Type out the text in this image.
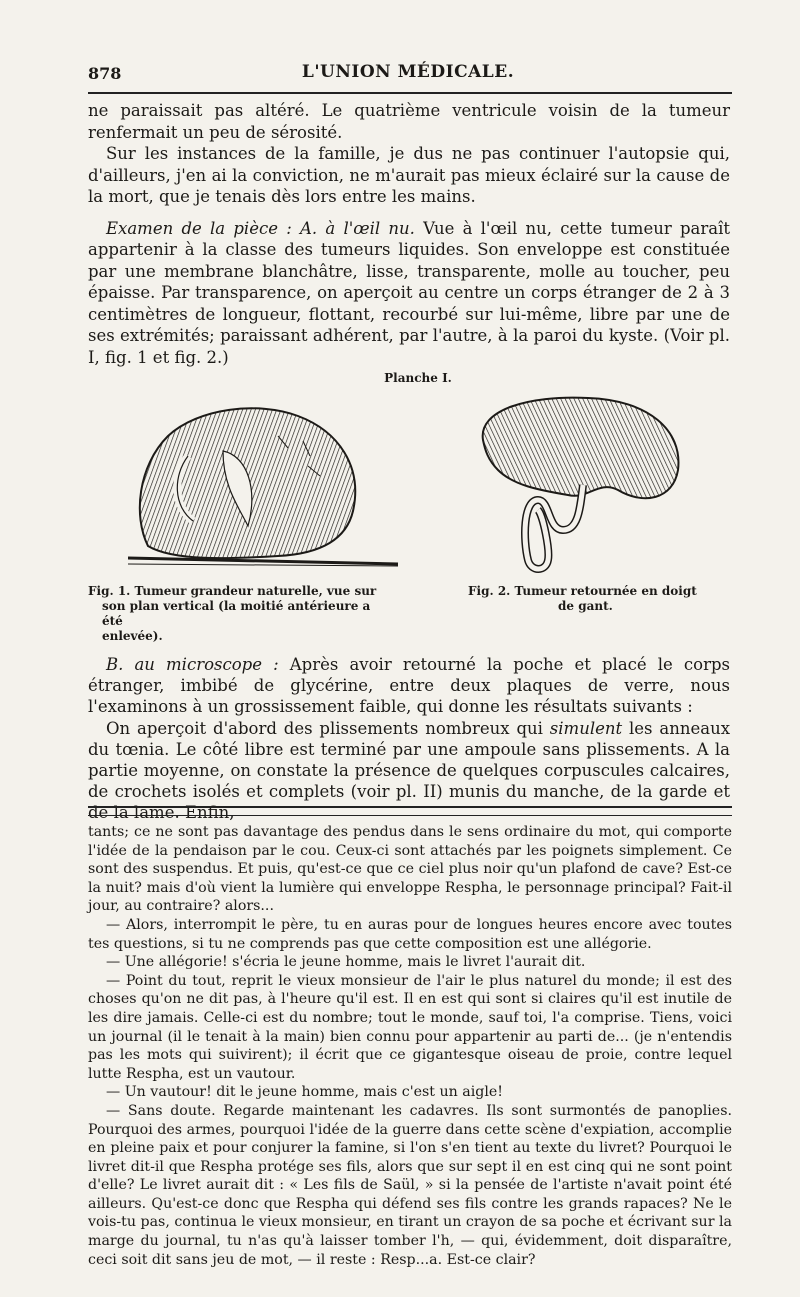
878	L'UNION MÉDICALE.

ne paraissait pas altéré. Le quatrième ventricule voisin de la tumeur renfermait un peu de sérosité.

Sur les instances de la famille, je dus ne pas continuer l'autopsie qui, d'ailleurs, j'en ai la conviction, ne m'aurait pas mieux éclairé sur la cause de la mort, que je tenais dès lors entre les mains.

Examen de la pièce : A. à l'œil nu. Vue à l'œil nu, cette tumeur paraît appartenir à la classe des tumeurs liquides. Son enveloppe est constituée par une membrane blanchâtre, lisse, transparente, molle au toucher, peu épaisse. Par transparence, on aperçoit au centre un corps étranger de 2 à 3 centimètres de longueur, flottant, recourbé sur lui-même, libre par une de ses extrémités; paraissant adhérent, par l'autre, à la paroi du kyste. (Voir pl. I, fig. 1 et fig. 2.)

Planche I.

Fig. 1. Tumeur grandeur naturelle, vue sur
son plan vertical (la moitié antérieure a été
enlevée).
Fig. 2. Tumeur retournée en doigt
de gant.

B. au microscope : Après avoir retourné la poche et placé le corps étranger, imbibé de glycérine, entre deux plaques de verre, nous l'examinons à un grossissement faible, qui donne les résultats suivants :

On aperçoit d'abord des plissements nombreux qui simulent les anneaux du tœnia. Le côté libre est terminé par une ampoule sans plissements. A la partie moyenne, on constate la présence de quelques corpuscules calcaires, de crochets isolés et complets (voir pl. II) munis du manche, de la garde et de la lame. Enfin,

tants; ce ne sont pas davantage des pendus dans le sens ordinaire du mot, qui comporte l'idée de la pendaison par le cou. Ceux-ci sont attachés par les poignets simplement. Ce sont des suspendus. Et puis, qu'est-ce que ce ciel plus noir qu'un plafond de cave? Est-ce la nuit? mais d'où vient la lumière qui enveloppe Respha, le personnage principal? Fait-il jour, au contraire? alors...

— Alors, interrompit le père, tu en auras pour de longues heures encore avec toutes tes questions, si tu ne comprends pas que cette composition est une allégorie.

— Une allégorie! s'écria le jeune homme, mais le livret l'aurait dit.

— Point du tout, reprit le vieux monsieur de l'air le plus naturel du monde; il est des choses qu'on ne dit pas, à l'heure qu'il est. Il en est qui sont si claires qu'il est inutile de les dire jamais. Celle-ci est du nombre; tout le monde, sauf toi, l'a comprise. Tiens, voici un journal (il le tenait à la main) bien connu pour appartenir au parti de... (je n'entendis pas les mots qui suivirent); il écrit que ce gigantesque oiseau de proie, contre lequel lutte Respha, est un vautour.

— Un vautour! dit le jeune homme, mais c'est un aigle!

— Sans doute. Regarde maintenant les cadavres. Ils sont surmontés de panoplies. Pourquoi des armes, pourquoi l'idée de la guerre dans cette scène d'expiation, accomplie en pleine paix et pour conjurer la famine, si l'on s'en tient au texte du livret? Pourquoi le livret dit-il que Respha protége ses fils, alors que sur sept il en est cinq qui ne sont point d'elle? Le livret aurait dit : « Les fils de Saül, » si la pensée de l'artiste n'avait point été ailleurs. Qu'est-ce donc que Respha qui défend ses fils contre les grands rapaces? Ne le vois-tu pas, continua le vieux monsieur, en tirant un crayon de sa poche et écrivant sur la marge du journal, tu n'as qu'à laisser tomber l'h, — qui, évidemment, doit disparaître, ceci soit dit sans jeu de mot, — il reste : Resp...a. Est-ce clair?
